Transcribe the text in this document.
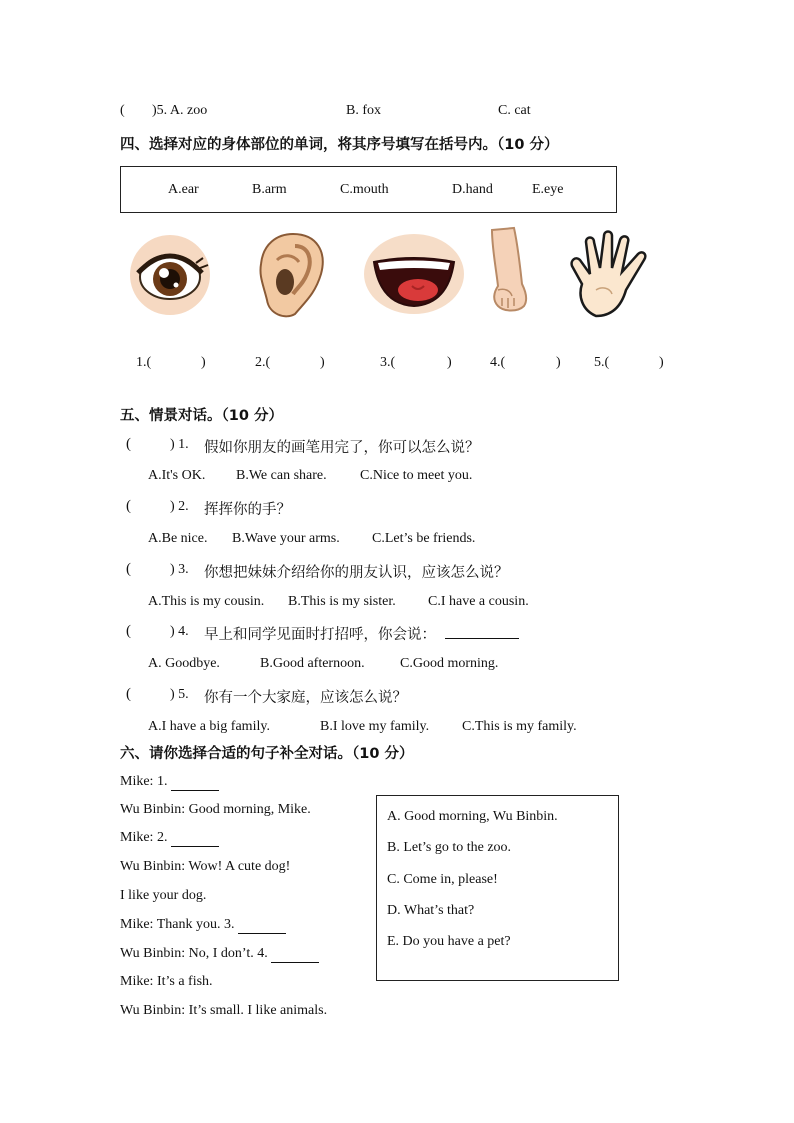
( )5. A. zoo	B. fox	C. cat
四、选择对应的身体部位的单词，将其序号填写在括号内。（10 分）
A.ear	B.arm	C.mouth	D.hand	E.eye
1.(	)	2.(	)	3.(	)	4.(	) 5.(	)
五、情景对话。（10 分）
(	) 1. 假如你朋友的画笔用完了，你可以怎么说？
A.It's OK. B.We can share. C.Nice to meet you.
(	) 2. 挥挥你的手？
A.Be nice. B.Wave your arms. C.Let’s be friends.
(	) 3. 你想把妹妹介绍给你的朋友认识，应该怎么说？
A.This is my cousin. B.This is my sister. C.I have a cousin.
(	) 4. 早上和同学见面时打招呼，你会说：
A. Goodbye.	B.Good afternoon.	C.Good morning.
(	) 5. 你有一个大家庭，应该怎么说？
A.I have a big family.	B.I love my family. C.This is my family.
六、请你选择合适的句子补全对话。（10 分）
Mike: 1.
Wu Binbin: Good morning, Mike.
Mike: 2.
Wu Binbin: Wow! A cute dog!
I like your dog.
Mike: Thank you. 3.
Wu Binbin: No, I don’t. 4.
Mike: It’s a fish.
Wu Binbin: It’s small. I like animals.
A. Good morning, Wu Binbin.
B. Let’s go to the zoo.
C. Come in, please!
D. What’s that?
E. Do you have a pet?
